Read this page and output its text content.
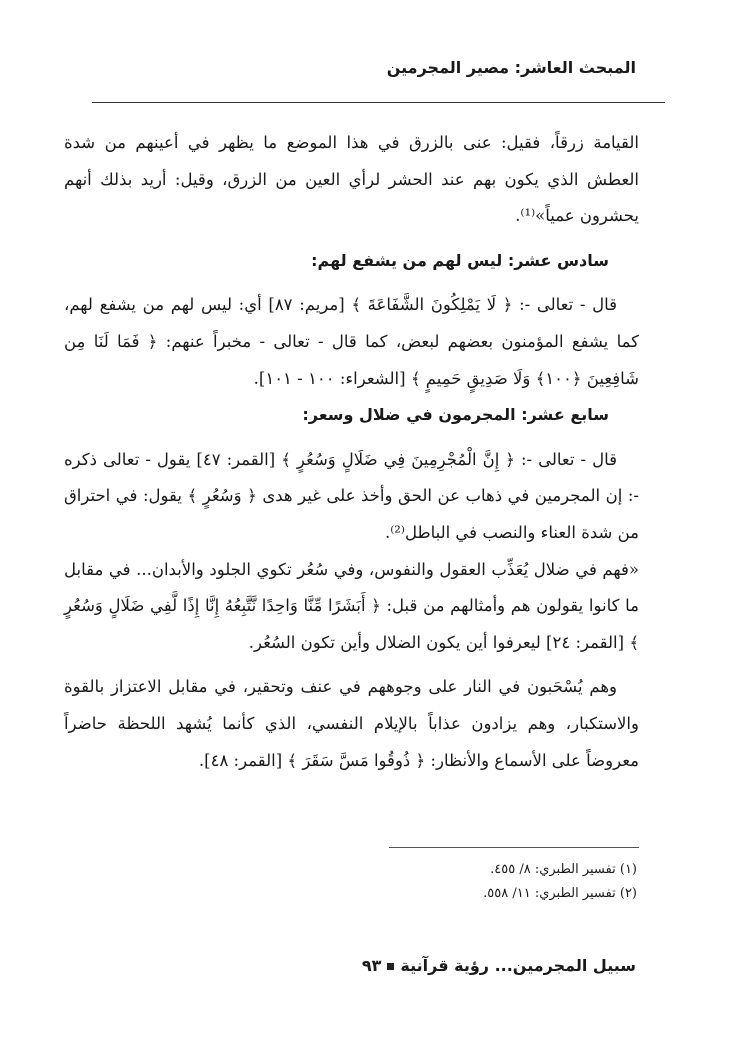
المبحث العاشر: مصير المجرمين

القيامة زرقاً، فقيل: عنى بالزرق في هذا الموضع ما يظهر في أعينهم من شدة العطش الذي يكون بهم عند الحشر لرأي العين من الزرق، وقيل: أريد بذلك أنهم يحشرون عمياً»⁽¹⁾.

سادس عشر: ليس لهم من يشفع لهم:

قال - تعالى -: ﴿ لَا يَمْلِكُونَ الشَّفَاعَةَ ﴾ [مريم: ٨٧] أي: ليس لهم من يشفع لهم، كما يشفع المؤمنون بعضهم لبعض، كما قال - تعالى - مخبراً عنهم: ﴿ فَمَا لَنَا مِن شَافِعِينَ ﴿١٠٠﴾ وَلَا صَدِيقٍ حَمِيمٍ ﴾ [الشعراء: ١٠٠ - ١٠١].

سابع عشر: المجرمون في ضلال وسعر:

قال - تعالى -: ﴿ إِنَّ الْمُجْرِمِينَ فِي ضَلَالٍ وَسُعُرٍ ﴾ [القمر: ٤٧] يقول - تعالى ذكره -: إن المجرمين في ذهاب عن الحق وأخذ على غير هدى ﴿ وَسُعُرٍ ﴾ يقول: في احتراق من شدة العناء والنصب في الباطل⁽²⁾.

«فهم في ضلال يُعَذِّب العقول والنفوس، وفي سُعُر تكوي الجلود والأبدان... في مقابل ما كانوا يقولون هم وأمثالهم من قبل: ﴿ أَبَشَرًا مِّنَّا وَاحِدًا نَّتَّبِعُهُ إِنَّا إِذًا لَّفِي ضَلَالٍ وَسُعُرٍ ﴾ [القمر: ٢٤] ليعرفوا أين يكون الضلال وأين تكون السُعُر.

وهم يُسْحَبون في النار على وجوههم في عنف وتحقير، في مقابل الاعتزاز بالقوة والاستكبار، وهم يزادون عذاباً بالإيلام النفسي، الذي كأنما يُشهد اللحظة حاضراً معروضاً على الأسماع والأنظار: ﴿ ذُوقُوا مَسَّ سَقَرَ ﴾ [القمر: ٤٨].

(١) تفسير الطبري: ٨/ ٤٥٥.
(٢) تفسير الطبري: ١١/ ٥٥٨.
سبيل المجرمين... رؤية قرآنية٩٣
